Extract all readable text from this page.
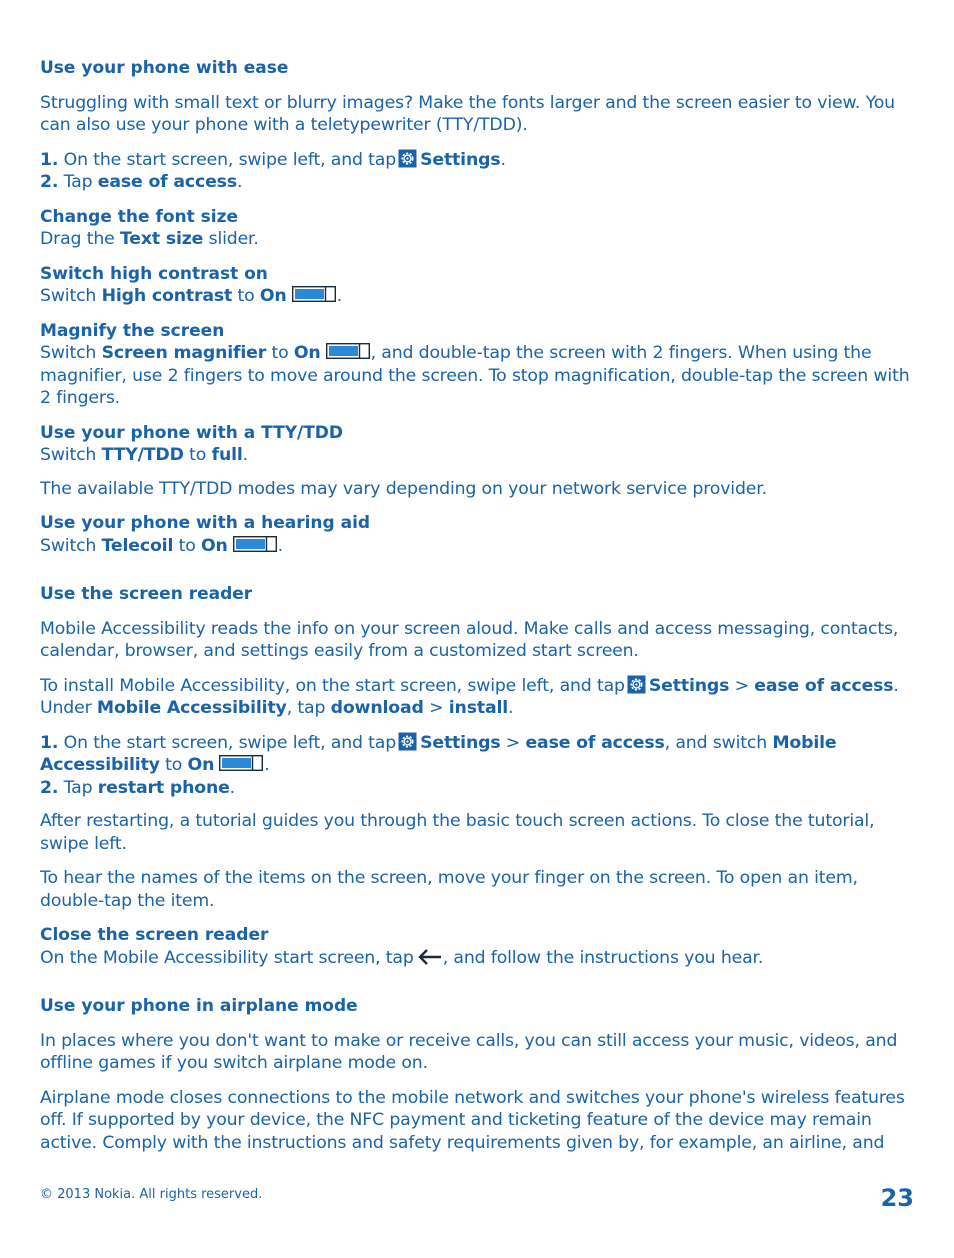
Use your phone with ease

Struggling with small text or blurry images? Make the fonts larger and the screen easier to view. You can also use your phone with a teletypewriter (TTY/TDD).

1. On the start screen, swipe left, and tap Settings.

2. Tap ease of access.

Change the font size

Drag the Text size slider.

Switch high contrast on

Switch High contrast to On	.

Magnify the screen

Switch Screen magnifier to On	, and double-tap the screen with 2 fingers. When using the magnifier, use 2 fingers to move around the screen. To stop magnification, double-tap the screen with 2 fingers.

Use your phone with a TTY/TDD

Switch TTY/TDD to full.

The available TTY/TDD modes may vary depending on your network service provider.

Use your phone with a hearing aid

Switch Telecoil to On	.

Use the screen reader

Mobile Accessibility reads the info on your screen aloud. Make calls and access messaging, contacts, calendar, browser, and settings easily from a customized start screen.

To install Mobile Accessibility, on the start screen, swipe left, and tap Settings > ease of access. Under Mobile Accessibility, tap download > install.

1. On the start screen, swipe left, and tap Settings > ease of access, and switch Mobile Accessibility to On	.

2. Tap restart phone.

After restarting, a tutorial guides you through the basic touch screen actions. To close the tutorial, swipe left.

To hear the names of the items on the screen, move your finger on the screen. To open an item, double-tap the item.

Close the screen reader

On the Mobile Accessibility start screen, tap , and follow the instructions you hear.

Use your phone in airplane mode

In places where you don't want to make or receive calls, you can still access your music, videos, and offline games if you switch airplane mode on.

Airplane mode closes connections to the mobile network and switches your phone's wireless features off. If supported by your device, the NFC payment and ticketing feature of the device may remain active. Comply with the instructions and safety requirements given by, for example, an airline, and

© 2013 Nokia. All rights reserved.	23
